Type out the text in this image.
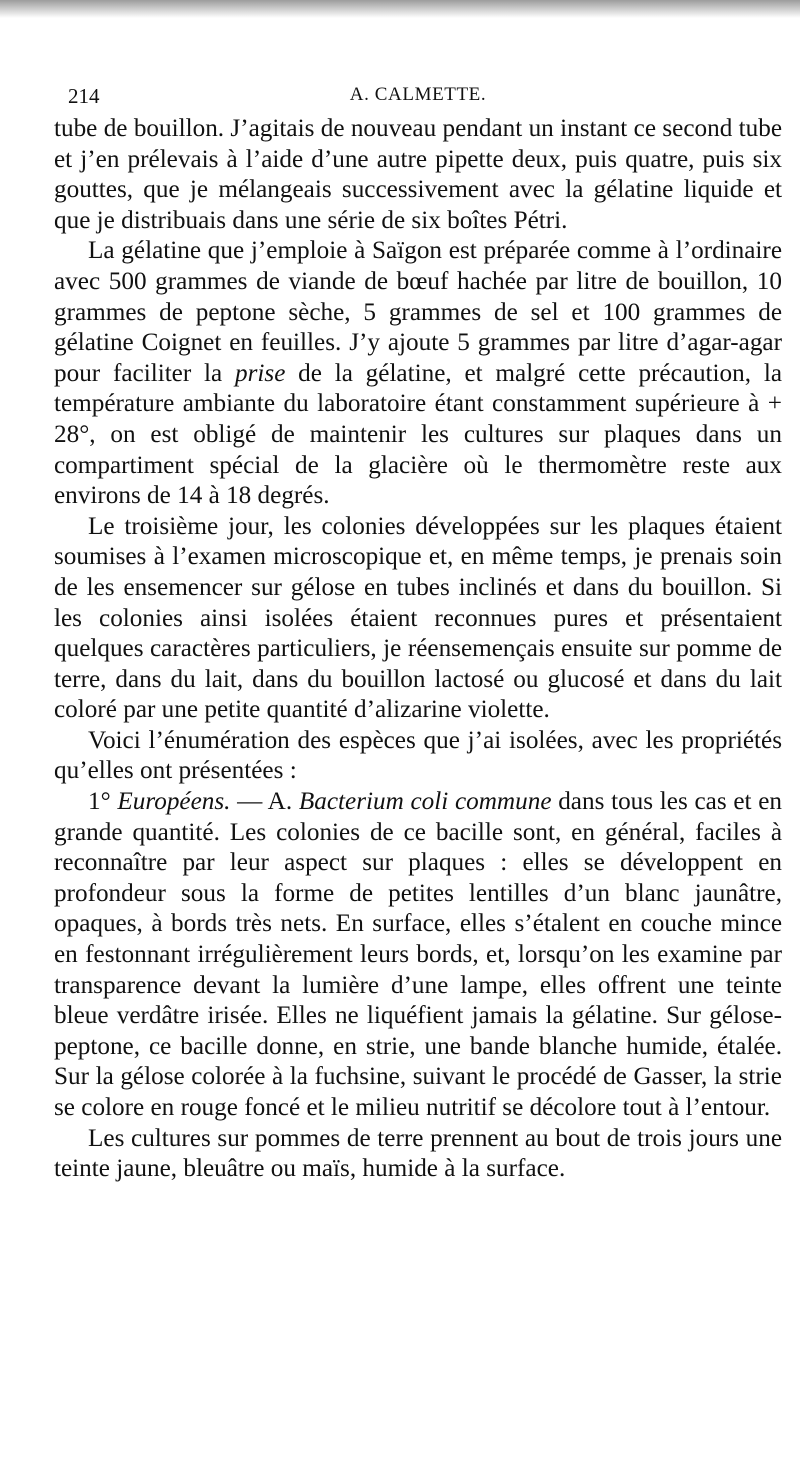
214	A. CALMETTE.

tube de bouillon. J’agitais de nouveau pendant un instant ce second tube et j’en prélevais à l’aide d’une autre pipette deux, puis quatre, puis six gouttes, que je mélangeais successivement avec la gélatine liquide et que je distribuais dans une série de six boîtes Pétri.

La gélatine que j’emploie à Saïgon est préparée comme à l’ordinaire avec 500 grammes de viande de bœuf hachée par litre de bouillon, 10 grammes de peptone sèche, 5 grammes de sel et 100 grammes de gélatine Coignet en feuilles. J’y ajoute 5 grammes par litre d’agar-agar pour faciliter la prise de la gélatine, et malgré cette précaution, la température ambiante du laboratoire étant constamment supérieure à + 28°, on est obligé de maintenir les cultures sur plaques dans un compartiment spécial de la glacière où le thermomètre reste aux environs de 14 à 18 degrés.

Le troisième jour, les colonies développées sur les plaques étaient soumises à l’examen microscopique et, en même temps, je prenais soin de les ensemencer sur gélose en tubes inclinés et dans du bouillon. Si les colonies ainsi isolées étaient reconnues pures et présentaient quelques caractères particuliers, je réensemençais ensuite sur pomme de terre, dans du lait, dans du bouillon lactosé ou glucosé et dans du lait coloré par une petite quantité d’alizarine violette.

Voici l’énumération des espèces que j’ai isolées, avec les propriétés qu’elles ont présentées :

1° Européens. — A. Bacterium coli commune dans tous les cas et en grande quantité. Les colonies de ce bacille sont, en général, faciles à reconnaître par leur aspect sur plaques : elles se développent en profondeur sous la forme de petites lentilles d’un blanc jaunâtre, opaques, à bords très nets. En surface, elles s’étalent en couche mince en festonnant irrégulièrement leurs bords, et, lorsqu’on les examine par transparence devant la lumière d’une lampe, elles offrent une teinte bleue verdâtre irisée. Elles ne liquéfient jamais la gélatine. Sur gélose-peptone, ce bacille donne, en strie, une bande blanche humide, étalée. Sur la gélose colorée à la fuchsine, suivant le procédé de Gasser, la strie se colore en rouge foncé et le milieu nutritif se décolore tout à l’entour.

Les cultures sur pommes de terre prennent au bout de trois jours une teinte jaune, bleuâtre ou maïs, humide à la surface.
